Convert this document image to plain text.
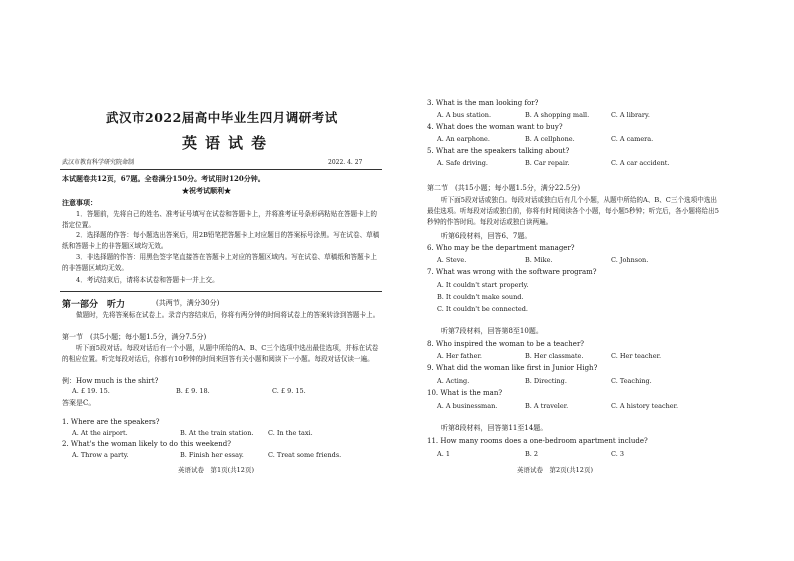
武汉市2022届高中毕业生四月调研考试
英语试卷
武汉市教育科学研究院命制	2022. 4. 27
本试题卷共12页，67题。全卷满分150分。考试用时120分钟。
★祝考试顺利★
注意事项：
1．答题前，先将自己的姓名、准考证号填写在试卷和答题卡上，并将准考证号条形码粘贴在答题卡上的指定位置。
2．选择题的作答：每小题选出答案后，用2B铅笔把答题卡上对应题目的答案标号涂黑。写在试卷、草稿纸和答题卡上的非答题区域均无效。
3．非选择题的作答：用黑色签字笔直接答在答题卡上对应的答题区域内。写在试卷、草稿纸和答题卡上的非答题区域均无效。
4．考试结束后，请将本试卷和答题卡一并上交。
第一部分　听力	(共两节，满分30分)
做题时，先将答案标在试卷上。录音内容结束后，你将有两分钟的时间将试卷上的答案转涂到答题卡上。
第一节　(共5小题；每小题1.5分，满分7.5分)
听下面5段对话。每段对话后有一个小题，从题中所给的A、B、C三个选项中选出最佳选项，并标在试卷的相应位置。听完每段对话后，你都有10秒钟的时间来回答有关小题和阅读下一小题。每段对话仅读一遍。
例：How much is the shirt?
A. £ 19. 15.	B. £ 9. 18.	C. £ 9. 15.
答案是C。
1. Where are the speakers?
A. At the airport.	B. At the train station. C. In the taxi.
2. What's the woman likely to do this weekend?
A. Throw a party.	B. Finish her essay.	C. Treat some friends.
英语试卷　第1页(共12页)
3. What is the man looking for?
A. A bus station.	B. A shopping mall.	C. A library.
4. What does the woman want to buy?
A. An earphone.	B. A cellphone.	C. A camera.
5. What are the speakers talking about?
A. Safe driving.	B. Car repair.	C. A car accident.
第二节　(共15小题；每小题1.5分，满分22.5分)
听下面5段对话或独白。每段对话或独白后有几个小题，从题中所给的A、B、C三个选项中选出最佳选项。听每段对话或独白前，你将有时间阅读各个小题，每小题5秒钟；听完后，各小题将给出5秒钟的作答时间。每段对话或独白读两遍。
听第6段材料，回答6、7题。
6. Who may be the department manager?
A. Steve.	B. Mike.	C. Johnson.
7. What was wrong with the software program?
A. It couldn't start properly.
B. It couldn't make sound.
C. It couldn't be connected.
听第7段材料，回答第8至10题。
8. Who inspired the woman to be a teacher?
A. Her father.	B. Her classmate.	C. Her teacher.
9. What did the woman like first in Junior High?
A. Acting.	B. Directing.	C. Teaching.
10. What is the man?
A. A businessman.	B. A traveler.	C. A history teacher.
听第8段材料，回答第11至14题。
11. How many rooms does a one-bedroom apartment include?
A. 1	B. 2	C. 3
英语试卷　第2页(共12页)
